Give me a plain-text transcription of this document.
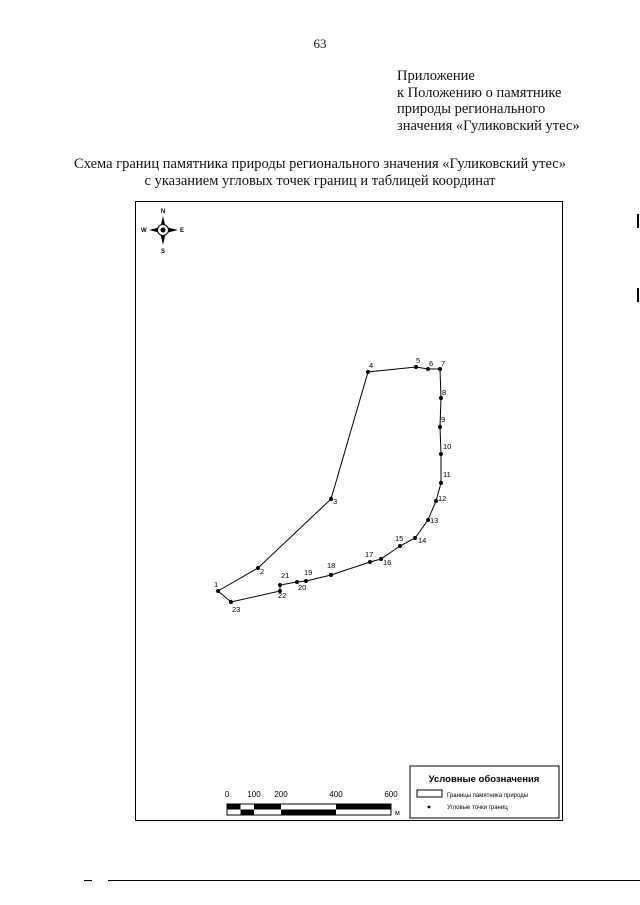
63
Приложение
к Положению о памятнике
природы регионального
значения «Гуликовский утес»
Схема границ памятника природы регионального значения «Гуликовский утес»
с указанием угловых точек границ и таблицей координат
N
S
E
W
1
2
3
4
5 6 7
8
9
10
11
12
13
14
15
16
17
18
19
20
21
22
23
0 100 200	400	600
м
Условные обозначения
Границы памятника природы
Угловые точки границ
